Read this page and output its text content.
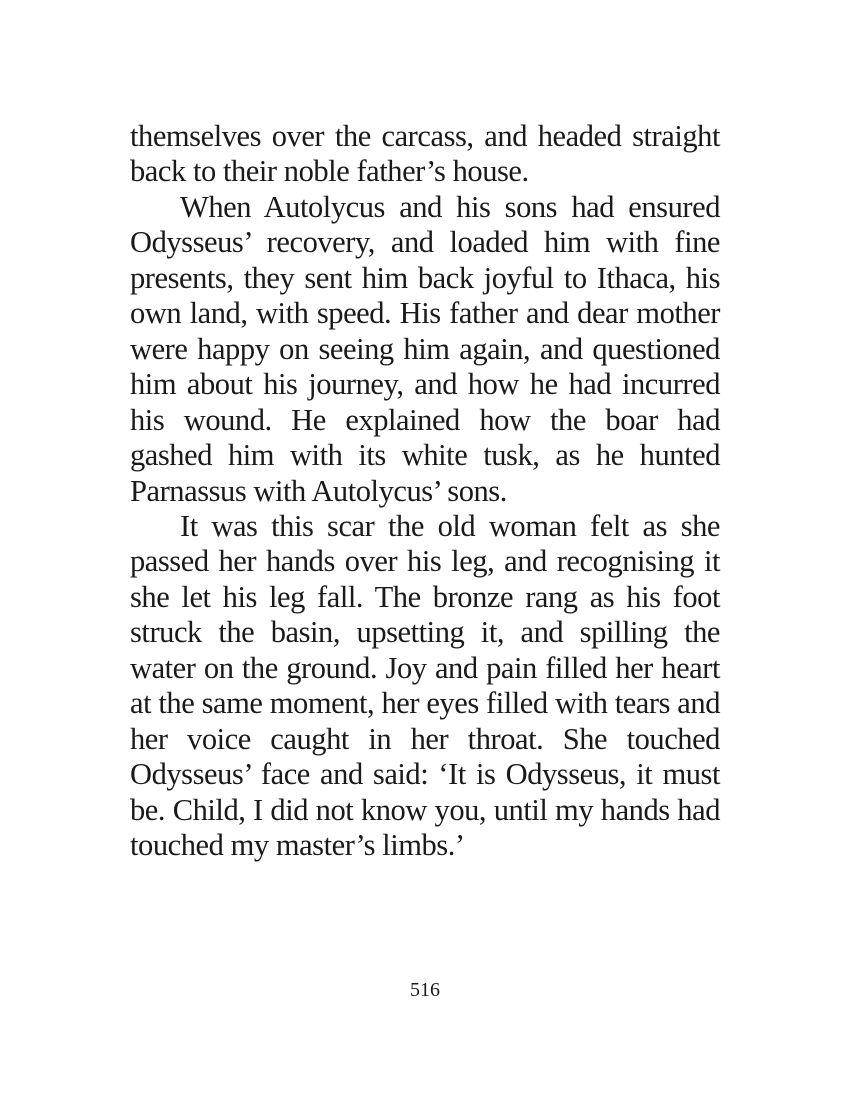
themselves over the carcass, and headed straight back to their noble father’s house.

When Autolycus and his sons had ensured Odysseus’ recovery, and loaded him with fine presents, they sent him back joyful to Ithaca, his own land, with speed. His father and dear mother were happy on seeing him again, and questioned him about his journey, and how he had incurred his wound. He explained how the boar had gashed him with its white tusk, as he hunted Parnassus with Autolycus’ sons.

It was this scar the old woman felt as she passed her hands over his leg, and recognising it she let his leg fall. The bronze rang as his foot struck the basin, upsetting it, and spilling the water on the ground. Joy and pain filled her heart at the same moment, her eyes filled with tears and her voice caught in her throat. She touched Odysseus’ face and said: ‘It is Odysseus, it must be. Child, I did not know you, until my hands had touched my master’s limbs.’

516
